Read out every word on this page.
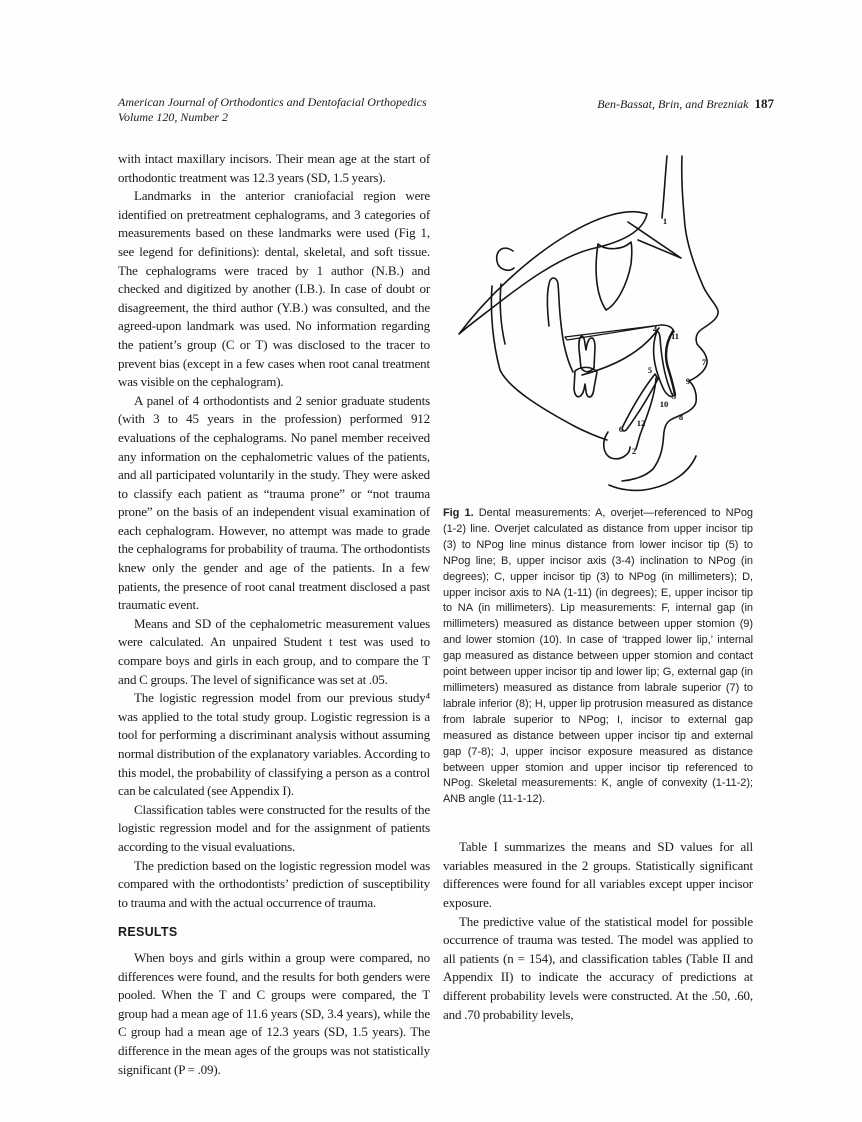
American Journal of Orthodontics and Dentofacial Orthopedics
Volume 120, Number 2
Ben-Bassat, Brin, and Brezniak 187

with intact maxillary incisors. Their mean age at the start of orthodontic treatment was 12.3 years (SD, 1.5 years).

Landmarks in the anterior craniofacial region were identified on pretreatment cephalograms, and 3 categories of measurements based on these landmarks were used (Fig 1, see legend for definitions): dental, skeletal, and soft tissue. The cephalograms were traced by 1 author (N.B.) and checked and digitized by another (I.B.). In case of doubt or disagreement, the third author (Y.B.) was consulted, and the agreed-upon landmark was used. No information regarding the patient’s group (C or T) was disclosed to the tracer to prevent bias (except in a few cases when root canal treatment was visible on the cephalogram).

A panel of 4 orthodontists and 2 senior graduate students (with 3 to 45 years in the profession) performed 912 evaluations of the cephalograms. No panel member received any information on the cephalometric values of the patients, and all participated voluntarily in the study. They were asked to classify each patient as “trauma prone” or “not trauma prone” on the basis of an independent visual examination of each cephalogram. However, no attempt was made to grade the cephalograms for probability of trauma. The orthodontists knew only the gender and age of the patients. In a few patients, the presence of root canal treatment disclosed a past traumatic event.

Means and SD of the cephalometric measurement values were calculated. An unpaired Student t test was used to compare boys and girls in each group, and to compare the T and C groups. The level of significance was set at .05.

The logistic regression model from our previous study⁴ was applied to the total study group. Logistic regression is a tool for performing a discriminant analysis without assuming normal distribution of the explanatory variables. According to this model, the probability of classifying a person as a control can be calculated (see Appendix I).

Classification tables were constructed for the results of the logistic regression model and for the assignment of patients according to the visual evaluations.

The prediction based on the logistic regression model was compared with the orthodontists’ prediction of susceptibility to trauma and with the actual occurrence of trauma.

RESULTS

When boys and girls within a group were compared, no differences were found, and the results for both genders were pooled. When the T and C groups were compared, the T group had a mean age of 11.6 years (SD, 3.4 years), while the C group had a mean age of 12.3 years (SD, 1.5 years). The difference in the mean ages of the groups was not statistically significant (P = .09).

1
2
3
4
5
6
7
8
9
10
11
12

Fig 1. Dental measurements: A, overjet—referenced to NPog (1-2) line. Overjet calculated as distance from upper incisor tip (3) to NPog line minus distance from lower incisor tip (5) to NPog line; B, upper incisor axis (3-4) inclination to NPog (in degrees); C, upper incisor tip (3) to NPog (in millimeters); D, upper incisor axis to NA (1-11) (in degrees); E, upper incisor tip to NA (in millimeters). Lip measurements: F, internal gap (in millimeters) measured as distance between upper stomion (9) and lower stomion (10). In case of ‘trapped lower lip,’ internal gap measured as distance between upper stomion and contact point between upper incisor tip and lower lip; G, external gap (in millimeters) measured as distance from labrale superior (7) to labrale inferior (8); H, upper lip protrusion measured as distance from labrale superior to NPog; I, incisor to external gap measured as distance between upper incisor tip and external gap (7-8); J, upper incisor exposure measured as distance between upper stomion and upper incisor tip referenced to NPog. Skeletal measurements: K, angle of convexity (1-11-2); ANB angle (11-1-12).

Table I summarizes the means and SD values for all variables measured in the 2 groups. Statistically significant differences were found for all variables except upper incisor exposure.

The predictive value of the statistical model for possible occurrence of trauma was tested. The model was applied to all patients (n = 154), and classification tables (Table II and Appendix II) to indicate the accuracy of predictions at different probability levels were constructed. At the .50, .60, and .70 probability levels,
